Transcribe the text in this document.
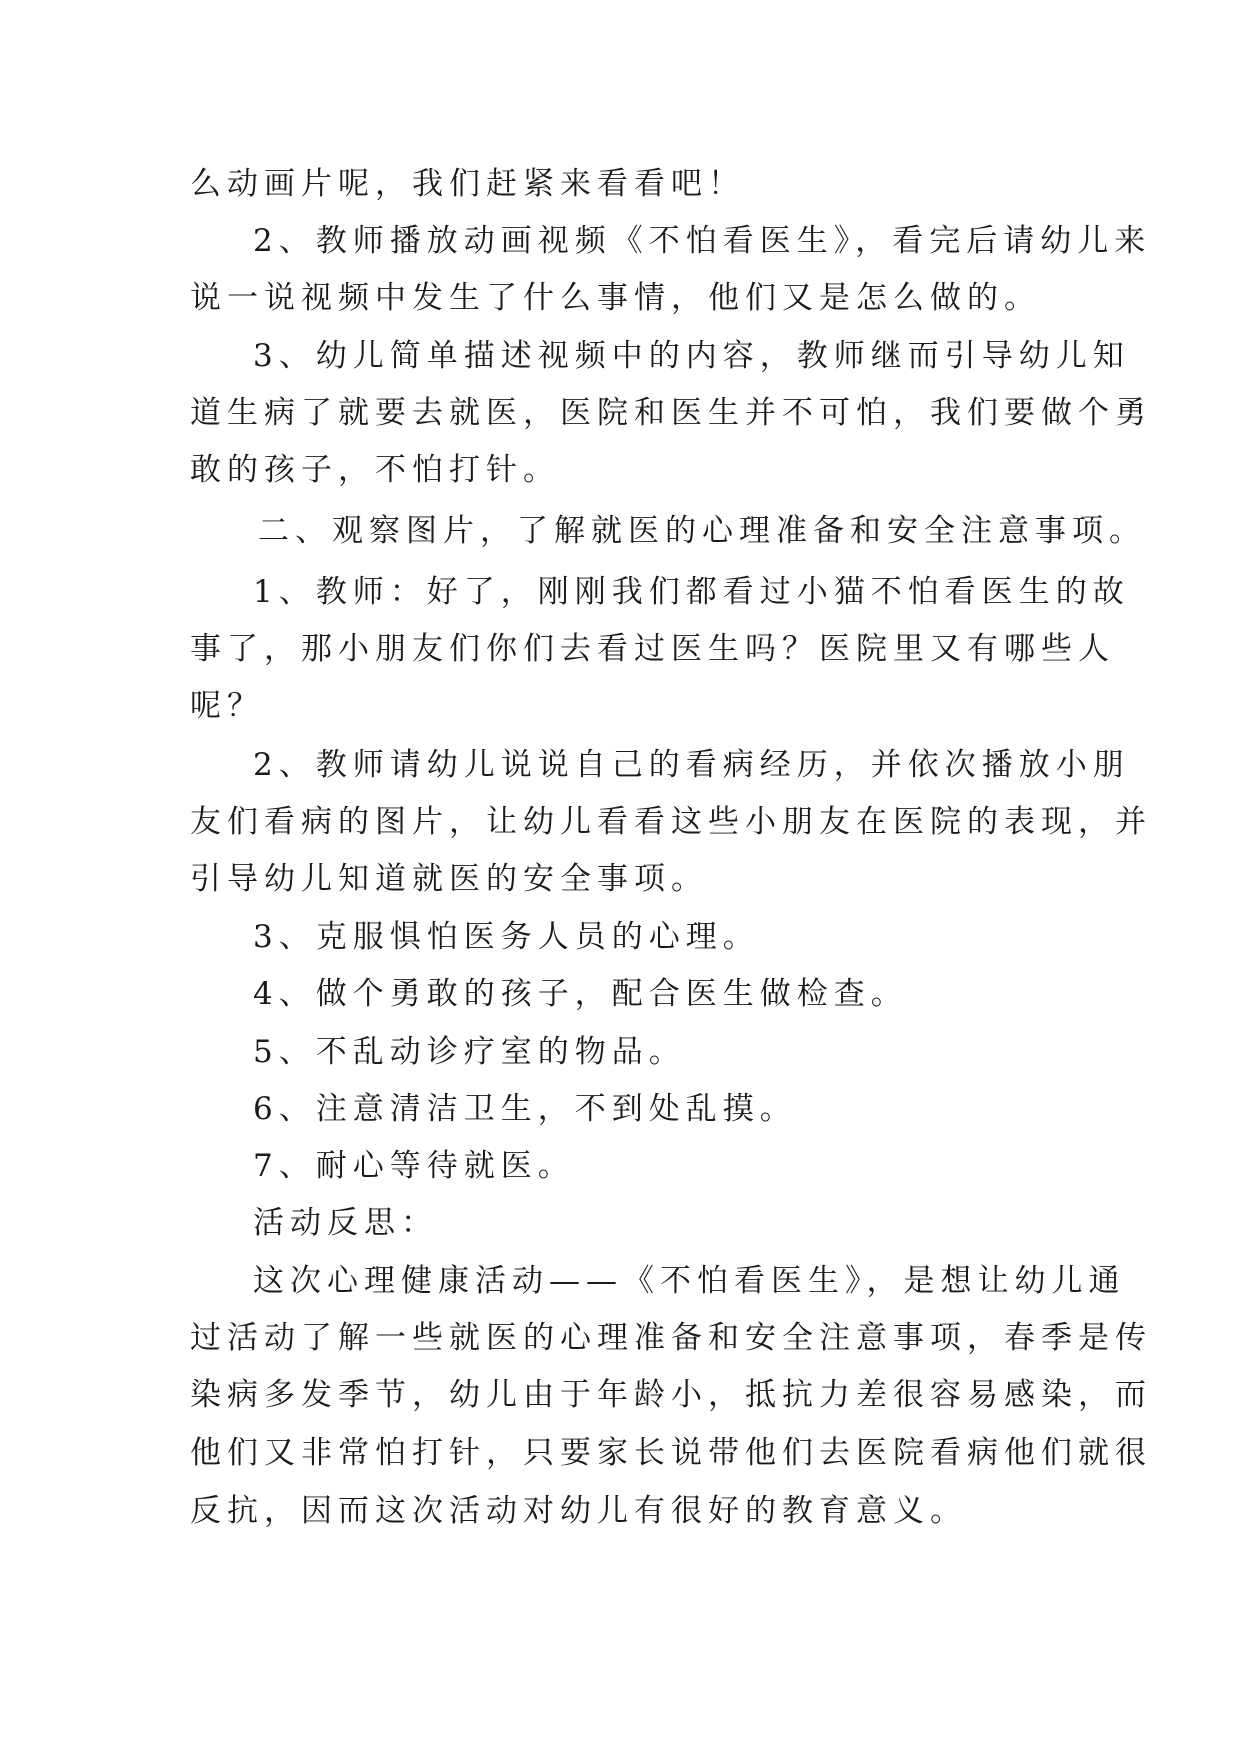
么动画片呢，我们赶紧来看看吧！

2、教师播放动画视频《不怕看医生》，看完后请幼儿来

说一说视频中发生了什么事情，他们又是怎么做的。

3、幼儿简单描述视频中的内容，教师继而引导幼儿知

道生病了就要去就医，医院和医生并不可怕，我们要做个勇

敢的孩子，不怕打针。

二、观察图片，了解就医的心理准备和安全注意事项。

1、教师：好了，刚刚我们都看过小猫不怕看医生的故

事了，那小朋友们你们去看过医生吗？医院里又有哪些人

呢？

2、教师请幼儿说说自己的看病经历，并依次播放小朋

友们看病的图片，让幼儿看看这些小朋友在医院的表现，并

引导幼儿知道就医的安全事项。

3、克服惧怕医务人员的心理。

4、做个勇敢的孩子，配合医生做检查。

5、不乱动诊疗室的物品。

6、注意清洁卫生，不到处乱摸。

7、耐心等待就医。

活动反思：

这次心理健康活动——《不怕看医生》，是想让幼儿通

过活动了解一些就医的心理准备和安全注意事项，春季是传

染病多发季节，幼儿由于年龄小，抵抗力差很容易感染，而

他们又非常怕打针，只要家长说带他们去医院看病他们就很

反抗，因而这次活动对幼儿有很好的教育意义。
